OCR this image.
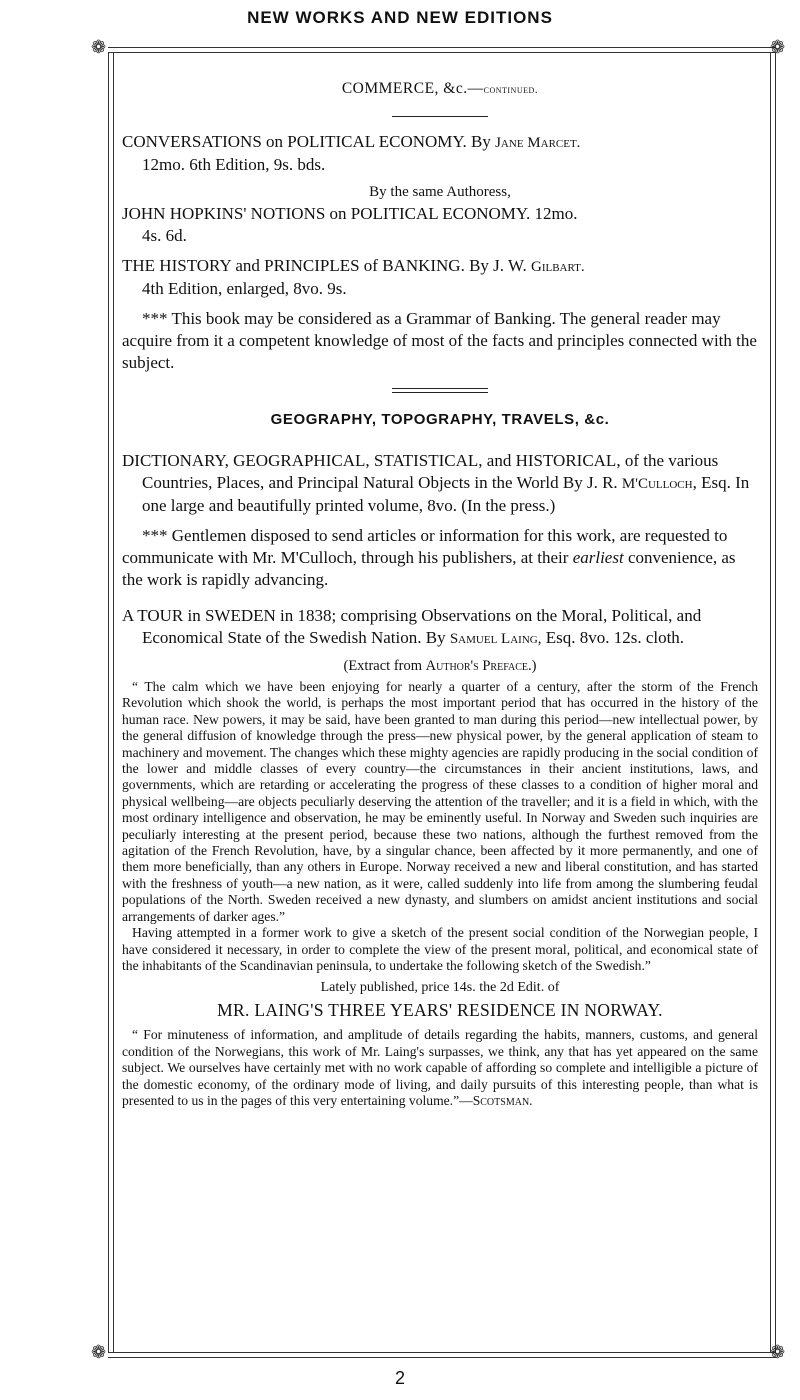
NEW WORKS AND NEW EDITIONS
❁	❁
❁	❁

COMMERCE, &c.—continued.

CONVERSATIONS on POLITICAL ECONOMY. By Jane Marcet.
12mo. 6th Edition, 9s. bds.

By the same Authoress,

JOHN HOPKINS' NOTIONS on POLITICAL ECONOMY. 12mo.
4s. 6d.

THE HISTORY and PRINCIPLES of BANKING. By J. W. Gilbart.
4th Edition, enlarged, 8vo. 9s.

*** This book may be considered as a Grammar of Banking. The general reader may acquire from it a competent knowledge of most of the facts and principles connected with the subject.

GEOGRAPHY, TOPOGRAPHY, TRAVELS, &c.

DICTIONARY, GEOGRAPHICAL, STATISTICAL, and HISTORICAL, of the various Countries, Places, and Principal Natural Objects in the World By J. R. M'Culloch, Esq. In one large and beautifully printed volume, 8vo. (In the press.)

*** Gentlemen disposed to send articles or information for this work, are requested to communicate with Mr. M'Culloch, through his publishers, at their earliest convenience, as the work is rapidly advancing.

A TOUR in SWEDEN in 1838; comprising Observations on the Moral, Political, and Economical State of the Swedish Nation. By Samuel Laing, Esq. 8vo. 12s. cloth.

(Extract from Author's Preface.)

“ The calm which we have been enjoying for nearly a quarter of a century, after the storm of the French Revolution which shook the world, is perhaps the most important period that has occurred in the history of the human race. New powers, it may be said, have been granted to man during this period—new intellectual power, by the general diffusion of knowledge through the press—new physical power, by the general application of steam to machinery and movement. The changes which these mighty agencies are rapidly producing in the social condition of the lower and middle classes of every country—the circumstances in their ancient institutions, laws, and governments, which are retarding or accelerating the progress of these classes to a condition of higher moral and physical wellbeing—are objects peculiarly deserving the attention of the traveller; and it is a field in which, with the most ordinary intelligence and observation, he may be eminently useful. In Norway and Sweden such inquiries are peculiarly interesting at the present period, because these two nations, although the furthest removed from the agitation of the French Revolution, have, by a singular chance, been affected by it more permanently, and one of them more beneficially, than any others in Europe. Norway received a new and liberal constitution, and has started with the freshness of youth—a new nation, as it were, called suddenly into life from among the slumbering feudal populations of the North. Sweden received a new dynasty, and slumbers on amidst ancient institutions and social arrangements of darker ages.”

Having attempted in a former work to give a sketch of the present social condition of the Norwegian people, I have considered it necessary, in order to complete the view of the present moral, political, and economical state of the inhabitants of the Scandinavian peninsula, to undertake the following sketch of the Swedish.”

Lately published, price 14s. the 2d Edit. of

MR. LAING'S THREE YEARS' RESIDENCE IN NORWAY.

“ For minuteness of information, and amplitude of details regarding the habits, manners, customs, and general condition of the Norwegians, this work of Mr. Laing's surpasses, we think, any that has yet appeared on the same subject. We ourselves have certainly met with no work capable of affording so complete and intelligible a picture of the domestic economy, of the ordinary mode of living, and daily pursuits of this interesting people, than what is presented to us in the pages of this very entertaining volume.”—Scotsman.

2
